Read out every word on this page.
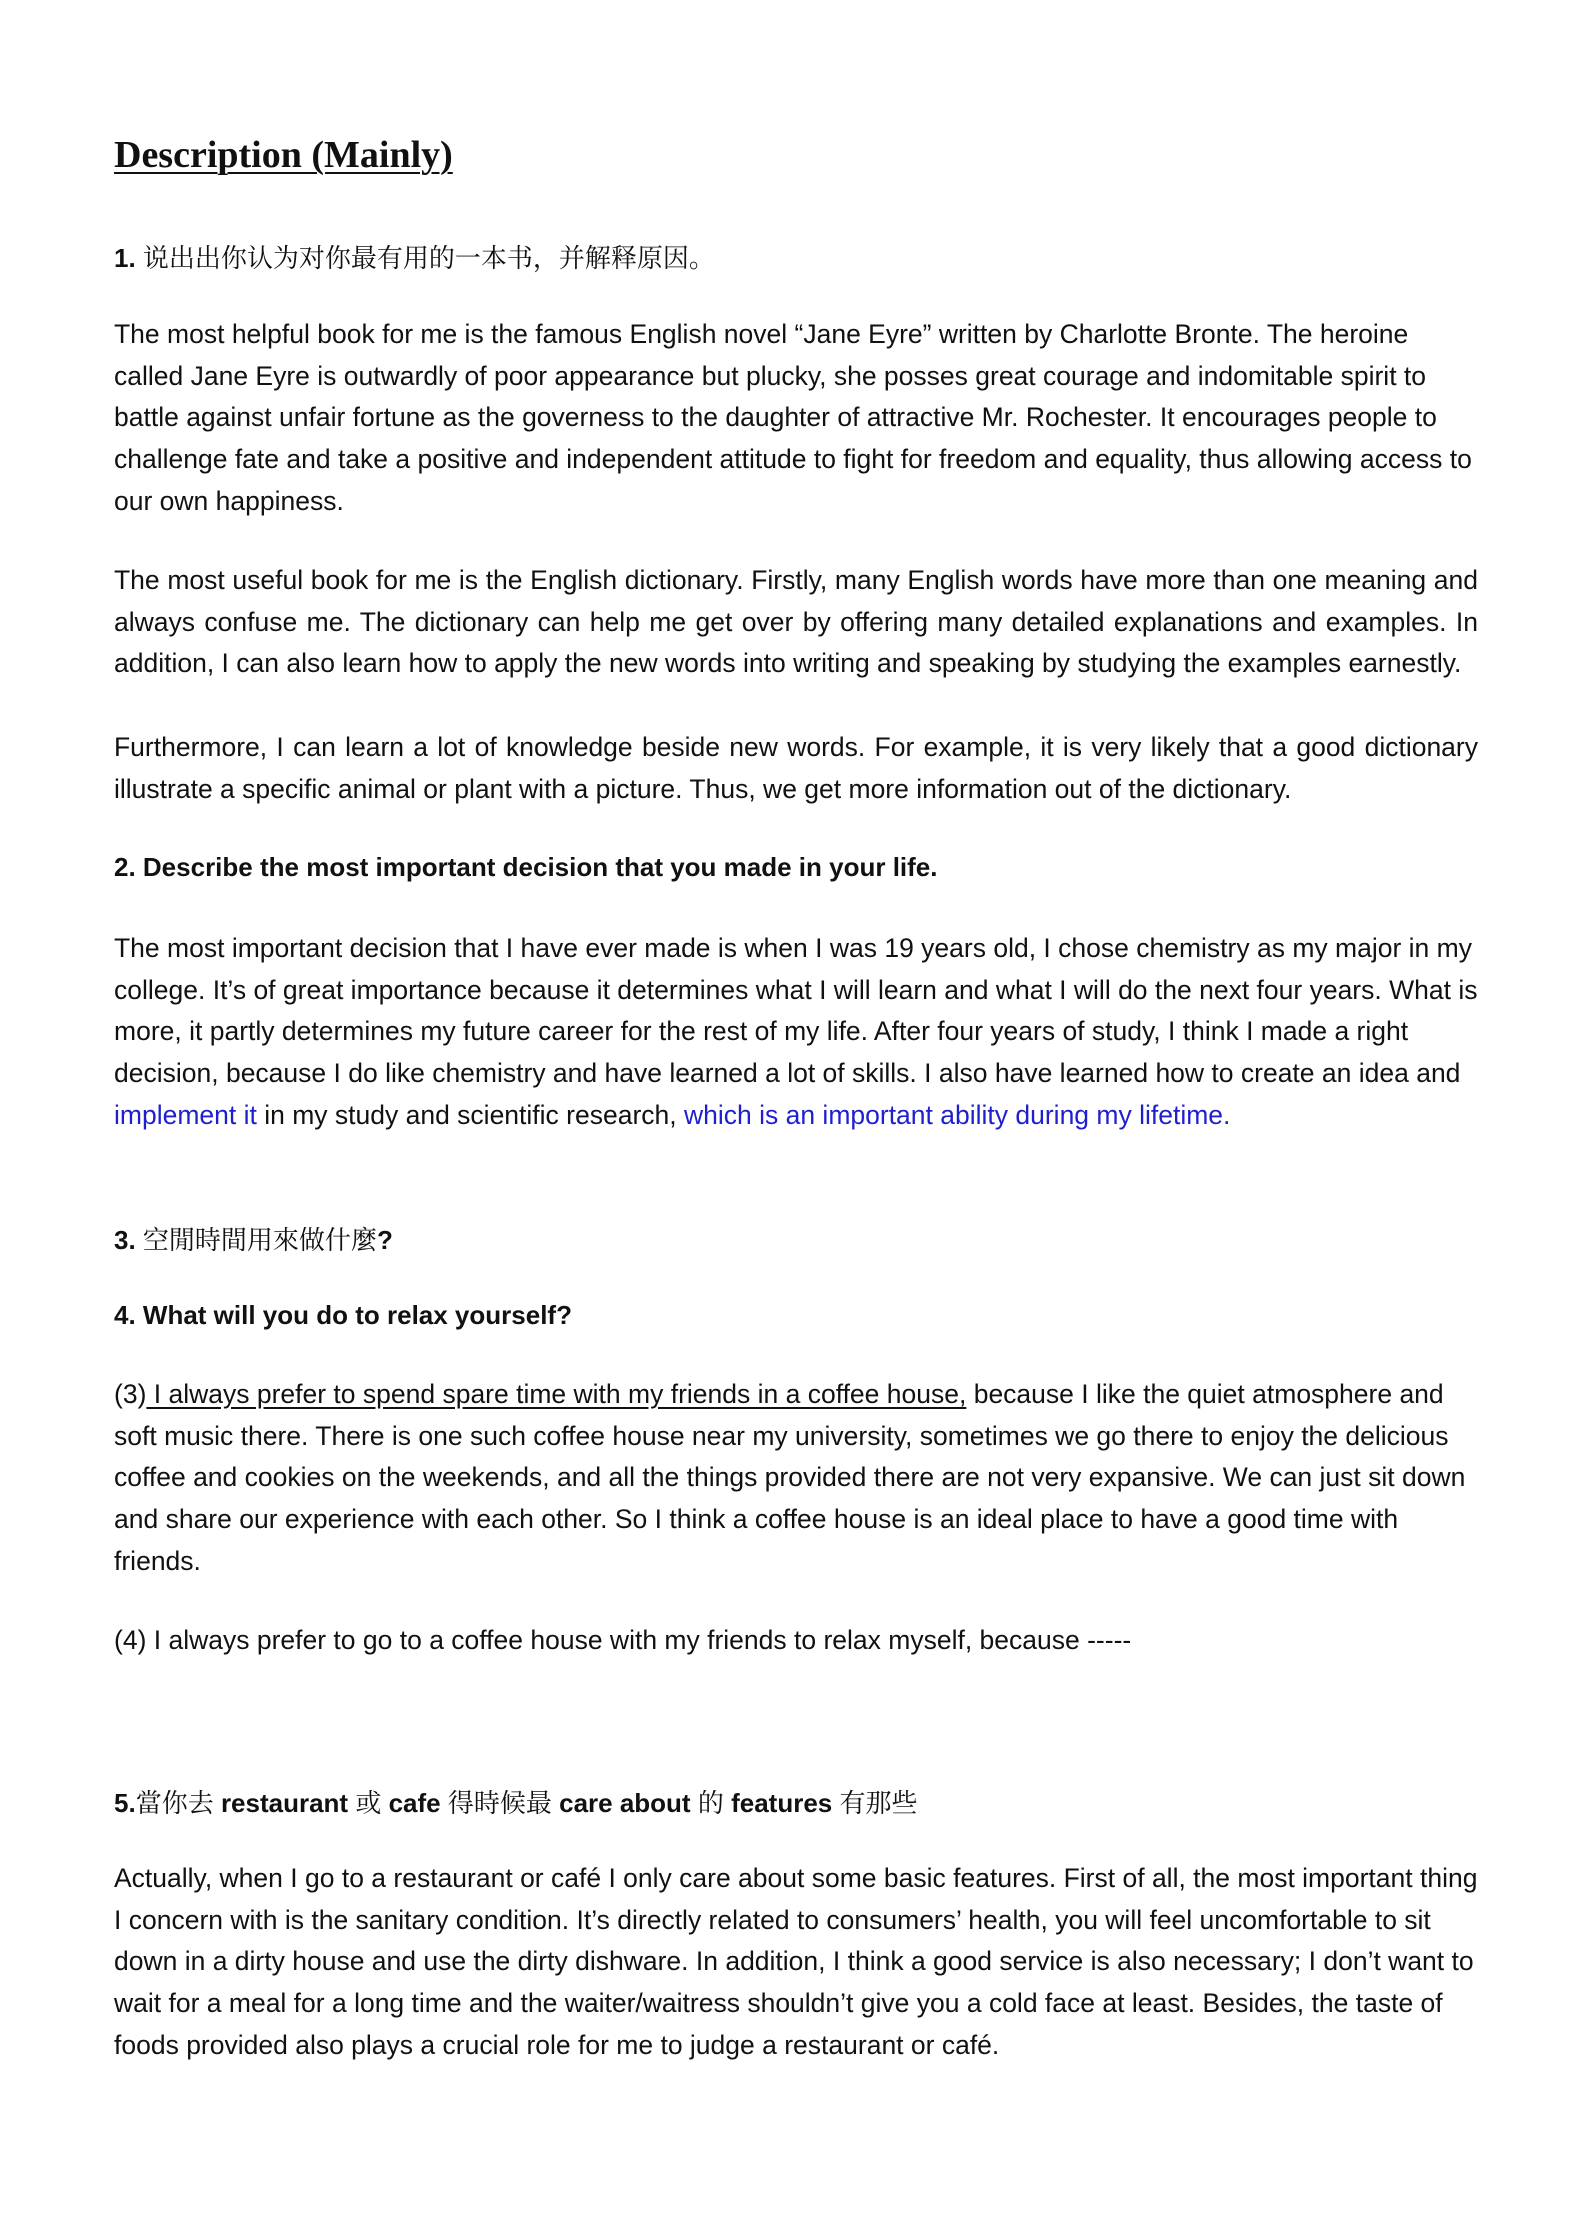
Description (Mainly)

1. 说出出你认为对你最有用的一本书，并解释原因。

The most helpful book for me is the famous English novel “Jane Eyre” written by Charlotte Bronte. The heroine called Jane Eyre is outwardly of poor appearance but plucky, she posses great courage and indomitable spirit to battle against unfair fortune as the governess to the daughter of attractive Mr. Rochester. It encourages people to challenge fate and take a positive and independent attitude to fight for freedom and equality, thus allowing access to our own happiness.

The most useful book for me is the English dictionary. Firstly, many English words have more than one meaning and always confuse me. The dictionary can help me get over by offering many detailed explanations and examples. In addition, I can also learn how to apply the new words into writing and speaking by studying the examples earnestly.

Furthermore, I can learn a lot of knowledge beside new words. For example, it is very likely that a good dictionary illustrate a specific animal or plant with a picture. Thus, we get more information out of the dictionary.

2. Describe the most important decision that you made in your life.

The most important decision that I have ever made is when I was 19 years old, I chose chemistry as my major in my college. It’s of great importance because it determines what I will learn and what I will do the next four years. What is more, it partly determines my future career for the rest of my life. After four years of study, I think I made a right decision, because I do like chemistry and have learned a lot of skills. I also have learned how to create an idea and implement it in my study and scientific research, which is an important ability during my lifetime.

3. 空閒時間用來做什麼?

4. What will you do to relax yourself?

(3) I always prefer to spend spare time with my friends in a coffee house, because I like the quiet atmosphere and soft music there. There is one such coffee house near my university, sometimes we go there to enjoy the delicious coffee and cookies on the weekends, and all the things provided there are not very expansive. We can just sit down and share our experience with each other. So I think a coffee house is an ideal place to have a good time with friends.

(4) I always prefer to go to a coffee house with my friends to relax myself, because -----

5.當你去 restaurant 或 cafe 得時候最 care about 的 features 有那些

Actually, when I go to a restaurant or café I only care about some basic features. First of all, the most important thing I concern with is the sanitary condition. It’s directly related to consumers’ health, you will feel uncomfortable to sit down in a dirty house and use the dirty dishware. In addition, I think a good service is also necessary; I don’t want to wait for a meal for a long time and the waiter/waitress shouldn’t give you a cold face at least. Besides, the taste of foods provided also plays a crucial role for me to judge a restaurant or café.
